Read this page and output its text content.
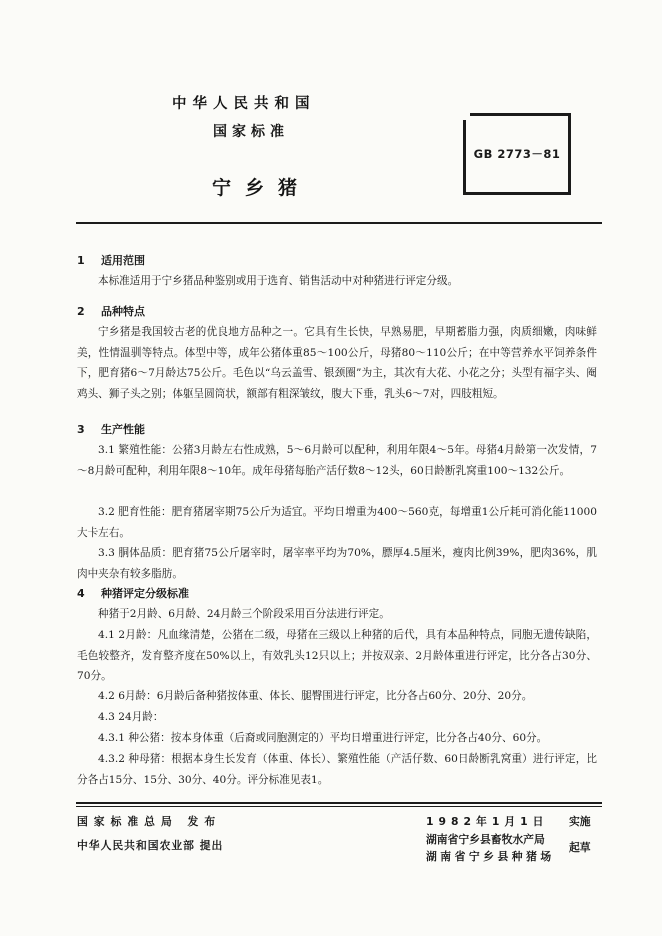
中华人民共和国
国家标准
宁乡猪
GB 2773－81
1 适用范围

本标准适用于宁乡猪品种鉴别或用于选育、销售活动中对种猪进行评定分级。

2 品种特点

宁乡猪是我国较古老的优良地方品种之一。它具有生长快，早熟易肥，早期蓄脂力强，肉质细嫩，肉味鲜美，性情温驯等特点。体型中等，成年公猪体重85～100公斤，母猪80～110公斤；在中等营养水平饲养条件下，肥育猪6～7月龄达75公斤。毛色以“乌云盖雪、银颈圈”为主，其次有大花、小花之分；头型有福字头、阉鸡头、狮子头之别；体躯呈圆筒状，额部有粗深皱纹，腹大下垂，乳头6～7对，四肢粗短。

3 生产性能

3.1 繁殖性能：公猪3月龄左右性成熟，5～6月龄可以配种，利用年限4～5年。母猪4月龄第一次发情，7～8月龄可配种，利用年限8～10年。成年母猪每胎产活仔数8～12头，60日龄断乳窝重100～132公斤。

3.2 肥育性能：肥育猪屠宰期75公斤为适宜。平均日增重为400～560克，每增重1公斤耗可消化能11000大卡左右。

3.3 胴体品质：肥育猪75公斤屠宰时，屠宰率平均为70%，膘厚4.5厘米，瘦肉比例39%，肥肉36%，肌肉中夹杂有较多脂肪。

4 种猪评定分级标准

种猪于2月龄、6月龄、24月龄三个阶段采用百分法进行评定。

4.1 2月龄：凡血缘清楚，公猪在二级，母猪在三级以上种猪的后代，具有本品种特点，同胞无遗传缺陷，毛色较整齐，发育整齐度在50%以上，有效乳头12只以上；并按双亲、2月龄体重进行评定，比分各占30分、70分。

4.2 6月龄：6月龄后备种猪按体重、体长、腿臀围进行评定，比分各占60分、20分、20分。

4.3 24月龄：

4.3.1 种公猪：按本身体重（后裔或同胞测定的）平均日增重进行评定，比分各占40分、60分。

4.3.2 种母猪：根据本身生长发育（体重、体长）、繁殖性能（产活仔数、60日龄断乳窝重）进行评定，比分各占15分、15分、30分、40分。评分标准见表1。

国家标准总局 发布
中华人民共和国农业部 提出
1982年1月1日 实施
湖南省宁乡县畜牧水产局
湖南省宁乡县种猪场
起草
